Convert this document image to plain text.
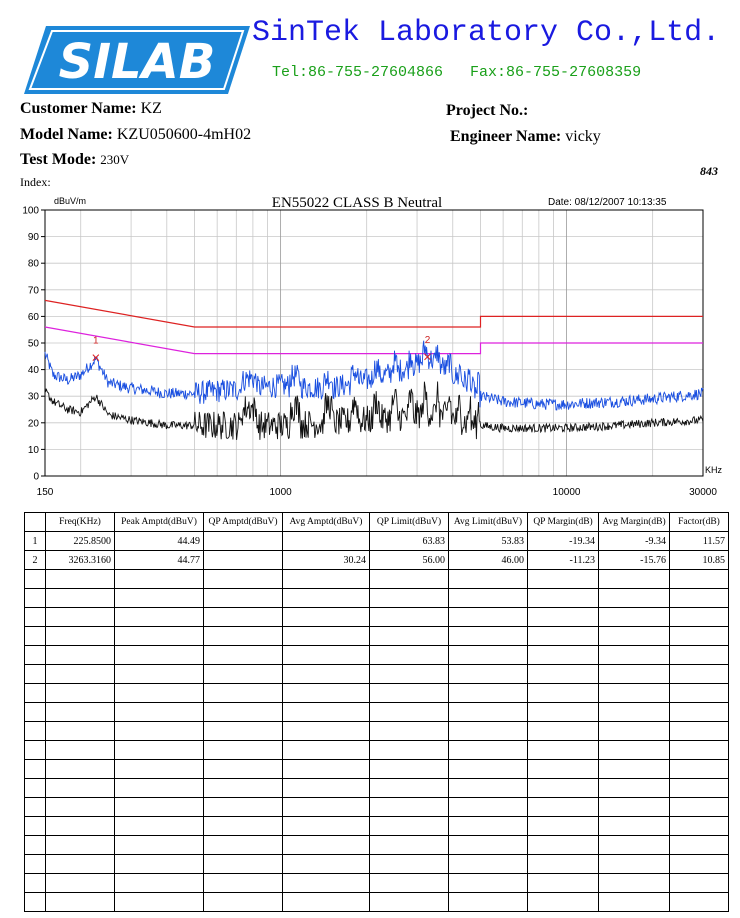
SILAB
SinTek Laboratory Co.,Ltd.
Tel:86-755-27604866 Fax:86-755-27608359
Customer Name: KZ
Model Name: KZU050600-4mH02
Test Mode: 230V
Index:
Project No.:
Engineer Name: vicky
843
1	2
0
10
20
30
40
50
60
70
80
90
100
150	1000	10000	30000
EN55022 CLASS B Neutral	Date: 08/12/2007 10:13:35
dBuV/m
KHz
	Freq(KHz)	Peak Amptd(dBuV)	QP Amptd(dBuV)	Avg Amptd(dBuV)	QP Limit(dBuV)	Avg Limit(dBuV)	QP Margin(dB)	Avg Margin(dB)	Factor(dB)
1	225.8500	44.49			63.83	53.83	-19.34	-9.34	11.57
2	3263.3160	44.77		30.24	56.00	46.00	-11.23	-15.76	10.85
